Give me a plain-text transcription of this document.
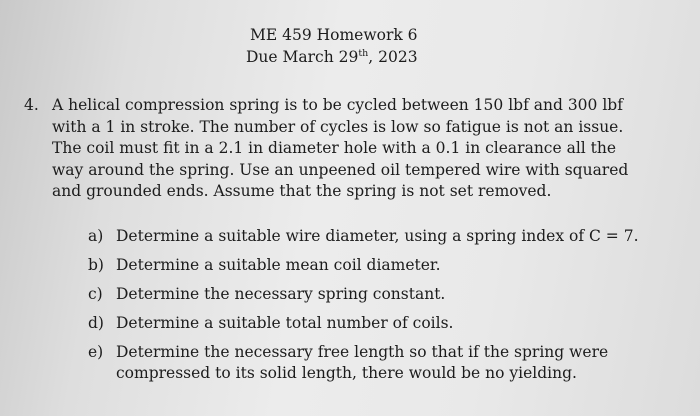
ME 459 Homework 6
Due March 29th, 2023
4. A helical compression spring is to be cycled between 150 lbf and 300 lbf
with a 1 in stroke. The number of cycles is low so fatigue is not an issue.
The coil must fit in a 2.1 in diameter hole with a 0.1 in clearance all the
way around the spring. Use an unpeened oil tempered wire with squared
and grounded ends. Assume that the spring is not set removed.
a) Determine a suitable wire diameter, using a spring index of C = 7.
b) Determine a suitable mean coil diameter.
c) Determine the necessary spring constant.
d) Determine a suitable total number of coils.
e) Determine the necessary free length so that if the spring were
compressed to its solid length, there would be no yielding.
